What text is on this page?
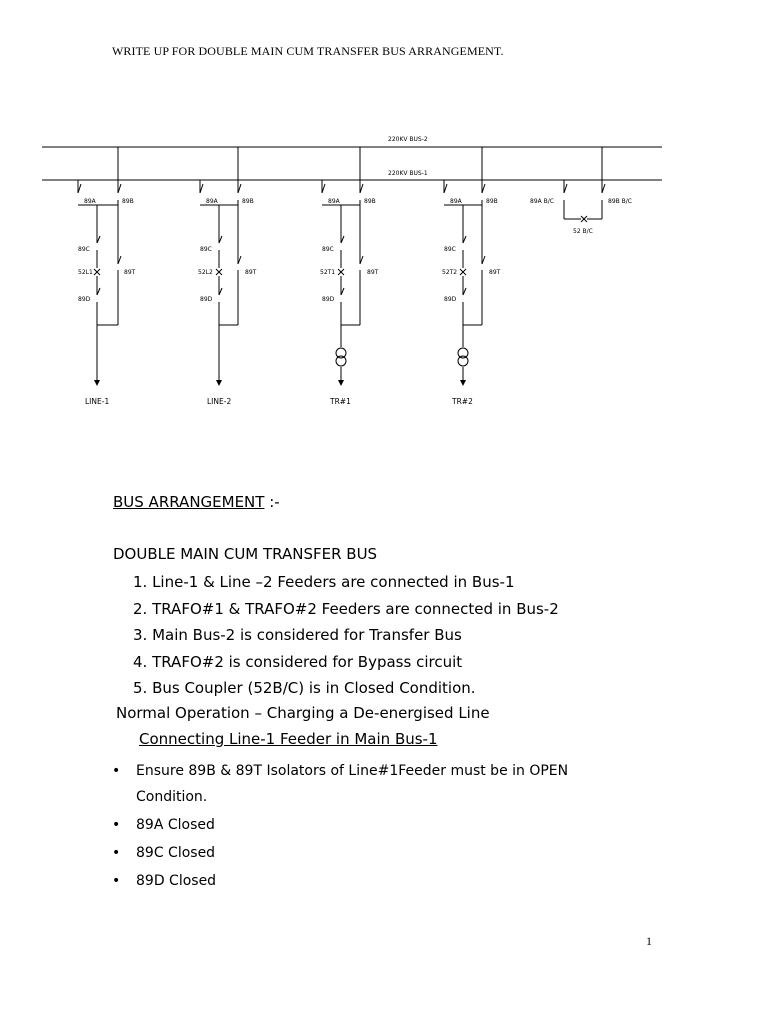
WRITE UP FOR DOUBLE MAIN CUM TRANSFER BUS ARRANGEMENT.
220KV BUS-2
220KV BUS-1
89A	89B
89C
52L1	89T
89D
LINE-1
89A	89B
89C
52L2	89T
89D
LINE-2
89A	89B
89C
52T1	89T
89D
TR#1
89A	89B
89C
52T2	89T
89D
TR#2
89A B/C	89B B/C
52 B/C
BUS ARRANGEMENT :-
DOUBLE MAIN CUM TRANSFER BUS
1. Line-1 & Line –2 Feeders are connected in Bus-1
2. TRAFO#1 & TRAFO#2 Feeders are connected in Bus-2
3. Main Bus-2 is considered for Transfer Bus
4. TRAFO#2 is considered for Bypass circuit
5. Bus Coupler (52B/C) is in Closed Condition.
Normal Operation – Charging a De-energised Line
Connecting Line-1 Feeder in Main Bus-1
• Ensure 89B & 89T Isolators of Line#1Feeder must be in OPEN Condition.
• 89A Closed
• 89C Closed
• 89D Closed
1
